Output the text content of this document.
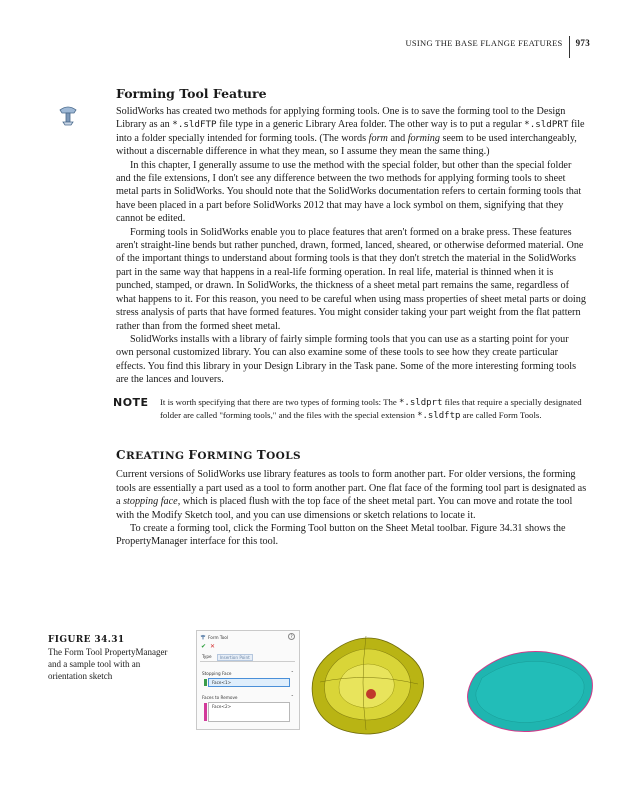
USING THE BASE FLANGE FEATURES	973
Forming Tool Feature

SolidWorks has created two methods for applying forming tools. One is to save the forming tool to the Design Library as an *.sldFTP file type in a generic Library Area folder. The other way is to put a regular *.sldPRT file into a folder specially intended for forming tools. (The words form and forming seem to be used interchangeably, without a discernable difference in what they mean, so I assume they mean the same thing.)

In this chapter, I generally assume to use the method with the special folder, but other than the special folder and the file extensions, I don't see any difference between the two methods for applying forming tools to sheet metal parts in SolidWorks. You should note that the SolidWorks documentation refers to certain forming tools that have been placed in a part before SolidWorks 2012 that may have a lock symbol on them, signifying that they cannot be edited.

Forming tools in SolidWorks enable you to place features that aren't formed on a brake press. These features aren't straight-line bends but rather punched, drawn, formed, lanced, sheared, or otherwise deformed material. One of the important things to understand about forming tools is that they don't stretch the material in the SolidWorks part in the same way that happens in a real-life forming operation. In real life, material is thinned when it is punched, stamped, or drawn. In SolidWorks, the thickness of a sheet metal part remains the same, regardless of what happens to it. For this reason, you need to be careful when using mass properties of sheet metal parts or doing stress analysis of parts that have formed features. You might consider taking your part weight from the flat pattern rather than from the formed sheet metal.

SolidWorks installs with a library of fairly simple forming tools that you can use as a starting point for your own personal customized library. You can also examine some of these tools to see how they create particular effects. You find this library in your Design Library in the Task pane. Some of the more interesting forming tools are the lances and louvers.

NOTE	It is worth specifying that there are two types of forming tools: The *.sldprt files that require a specially designated folder are called "forming tools," and the files with the special extension *.sldftp are called Form Tools.

CREATING FORMING TOOLS

Current versions of SolidWorks use library features as tools to form another part. For older versions, the forming tools are essentially a part used as a tool to form another part. One flat face of the forming tool part is designated as a stopping face, which is placed flush with the top face of the sheet metal part. You can move and rotate the tool with the Modify Sketch tool, and you can use dimensions or sketch relations to locate it.

To create a forming tool, click the Forming Tool button on the Sheet Metal toolbar. Figure 34.31 shows the PropertyManager interface for this tool.

FIGURE 34.31
The Form Tool PropertyManager and a sample tool with an orientation sketch
Form Tool	?
✔ ✕
Type	Insertion Point
Stopping Face	⌃
Face<1>
Faces to Remove	⌃
Face<2>
